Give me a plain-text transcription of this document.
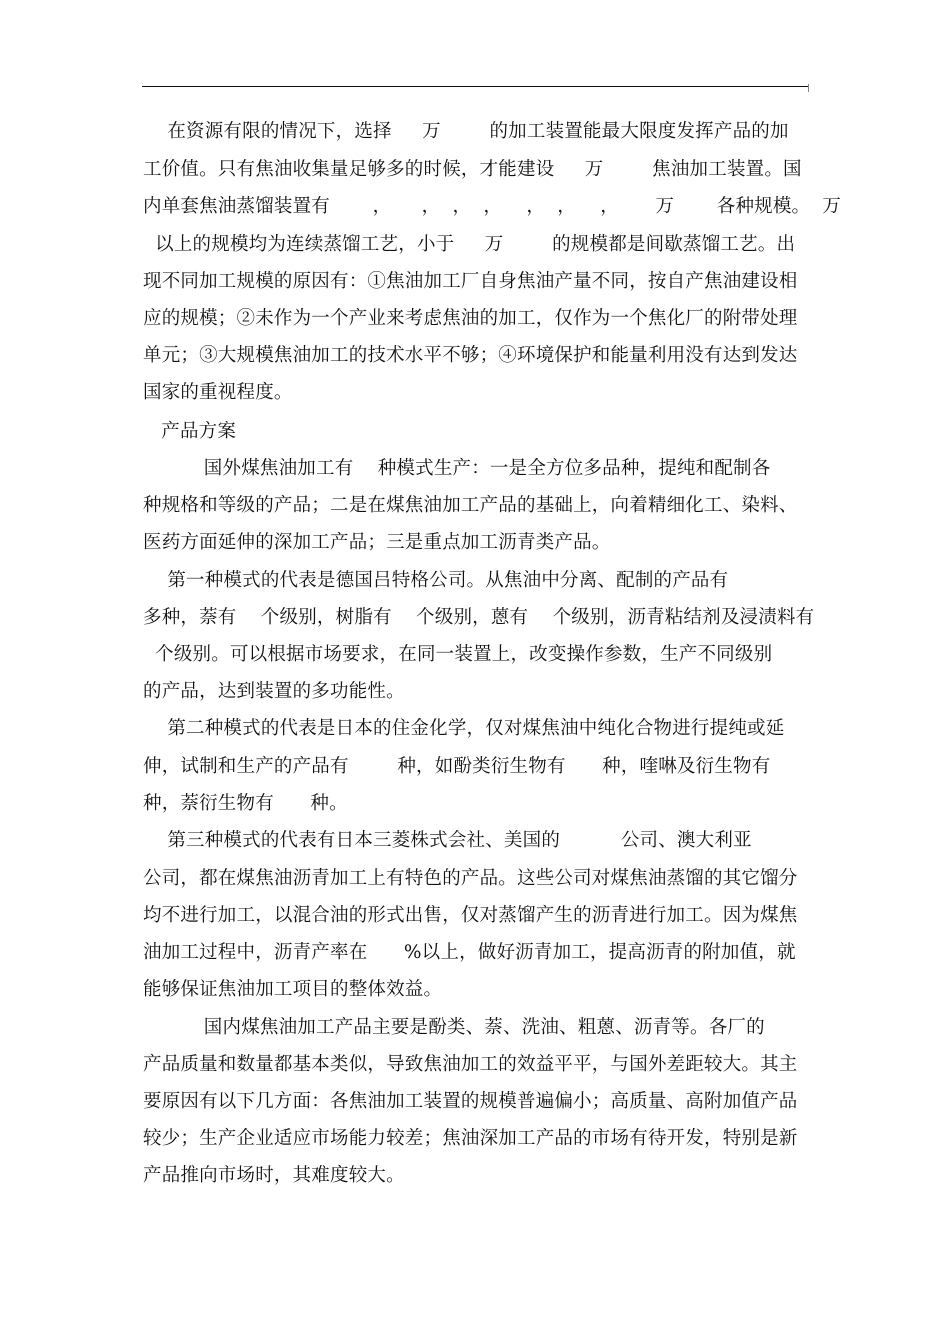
在资源有限的情况下，选择     万        的加工装置能最大限度发挥产品的加
工价值。只有焦油收集量足够多的时候，才能建设     万        焦油加工装置。国
内单套焦油蒸馏装置有       ，     ，  ，  ，    ，  ，    ，      万       各种规模。  万
以上的规模均为连续蒸馏工艺，小于     万        的规模都是间歇蒸馏工艺。出
现不同加工规模的原因有：①焦油加工厂自身焦油产量不同，按自产焦油建设相
应的规模；②未作为一个产业来考虑焦油的加工，仅作为一个焦化厂的附带处理
单元；③大规模焦油加工的技术水平不够；④环境保护和能量利用没有达到发达
国家的重视程度。
产品方案
国外煤焦油加工有    种模式生产：一是全方位多品种，提纯和配制各
种规格和等级的产品；二是在煤焦油加工产品的基础上，向着精细化工、染料、
医药方面延伸的深加工产品；三是重点加工沥青类产品。
第一种模式的代表是德国吕特格公司。从焦油中分离、配制的产品有
多种，萘有    个级别，树脂有    个级别，蒽有    个级别，沥青粘结剂及浸渍料有
个级别。可以根据市场要求，在同一装置上，改变操作参数，生产不同级别
的产品，达到装置的多功能性。
第二种模式的代表是日本的住金化学，仅对煤焦油中纯化合物进行提纯或延
伸，试制和生产的产品有        种，如酚类衍生物有      种，喹啉及衍生物有
种，萘衍生物有      种。
第三种模式的代表有日本三菱株式会社、美国的          公司、澳大利亚
公司，都在煤焦油沥青加工上有特色的产品。这些公司对煤焦油蒸馏的其它馏分
均不进行加工，以混合油的形式出售，仅对蒸馏产生的沥青进行加工。因为煤焦
油加工过程中，沥青产率在      %以上，做好沥青加工，提高沥青的附加值，就
能够保证焦油加工项目的整体效益。
国内煤焦油加工产品主要是酚类、萘、洗油、粗蒽、沥青等。各厂的
产品质量和数量都基本类似，导致焦油加工的效益平平，与国外差距较大。其主
要原因有以下几方面：各焦油加工装置的规模普遍偏小；高质量、高附加值产品
较少；生产企业适应市场能力较差；焦油深加工产品的市场有待开发，特别是新
产品推向市场时，其难度较大。
